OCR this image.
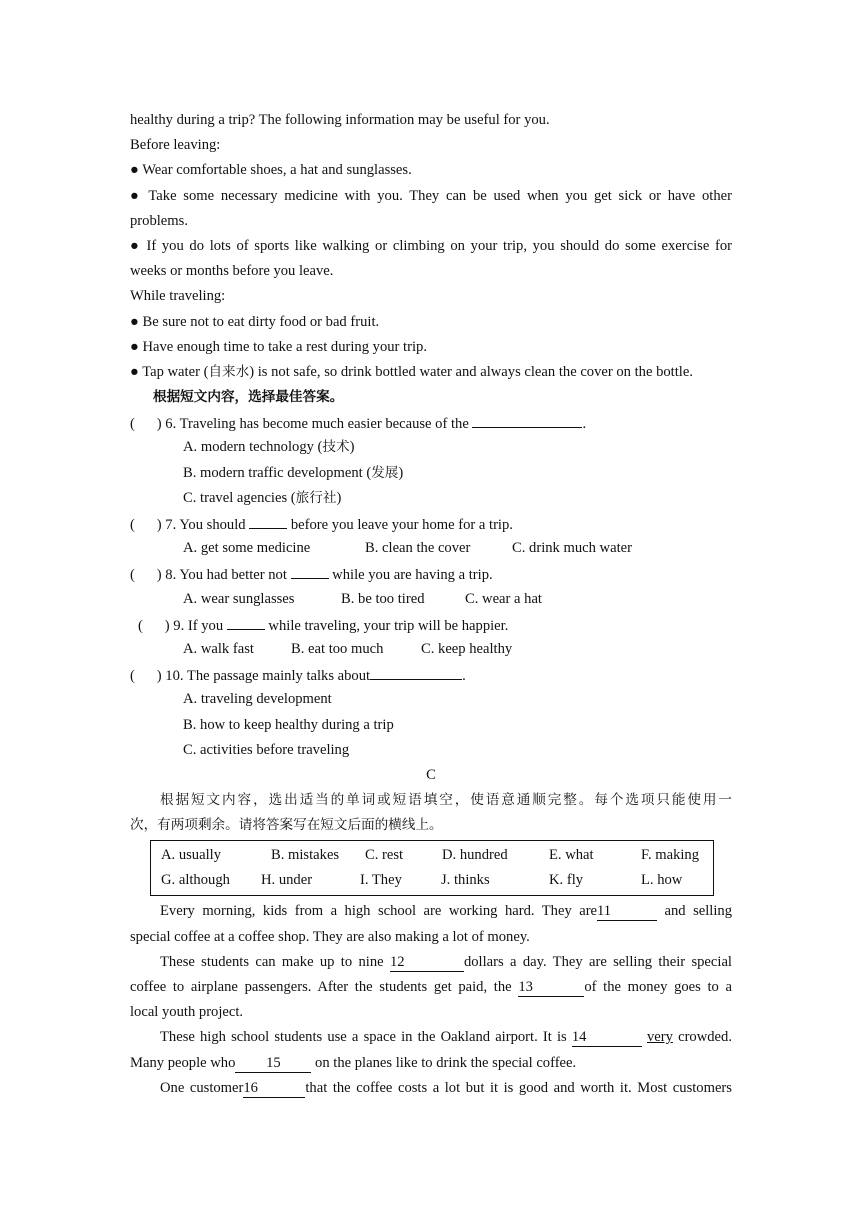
healthy during a trip? The following information may be useful for you.
Before leaving:
● Wear comfortable shoes, a hat and sunglasses.
● Take some necessary medicine with you. They can be used when you get sick or have other
problems.
● If you do lots of sports like walking or climbing on your trip, you should do some exercise for
weeks or months before you leave.
While traveling:
● Be sure not to eat dirty food or bad fruit.
● Have enough time to take a rest during your trip.
● Tap water (自来水) is not safe, so drink bottled water and always clean the cover on the bottle.
根据短文内容，选择最佳答案。
(      ) 6. Traveling has become much easier because of the	.
A. modern technology (技术)
B. modern traffic development (发展)
C. travel agencies (旅行社)
(      ) 7. You should	before you leave your home for a trip.
A. get some medicine	B. clean the cover	C. drink much water
(      ) 8. You had better not	while you are having a trip.
A. wear sunglasses	B. be too tired	C. wear a hat
(      ) 9. If you	while traveling, your trip will be happier.
A. walk fast	B. eat too much	C. keep healthy
(      ) 10. The passage mainly talks about	.
A. traveling development
B. how to keep healthy during a trip
C. activities before traveling
C
根据短文内容，选出适当的单词或短语填空，使语意通顺完整。每个选项只能使用一
次，有两项剩余。请将答案写在短文后面的横线上。
A. usually	B. mistakes C. rest	D. hundred	E. what	F. making
G. although H. under	I. They	J. thinks	K. fly	L. how
Every morning, kids from a high school are working hard. They are11	and selling
special coffee at a coffee shop. They are also making a lot of money.
These students can make up to nine 12	dollars a day. They are selling their special
coffee to airplane passengers. After the students get paid, the 13	of the money goes to a
local youth project.
These high school students use a space in the Oakland airport. It is 14	very crowded.
Many people who 15 on the planes like to drink the special coffee.
One customer16	that the coffee costs a lot but it is good and worth it. Most customers
